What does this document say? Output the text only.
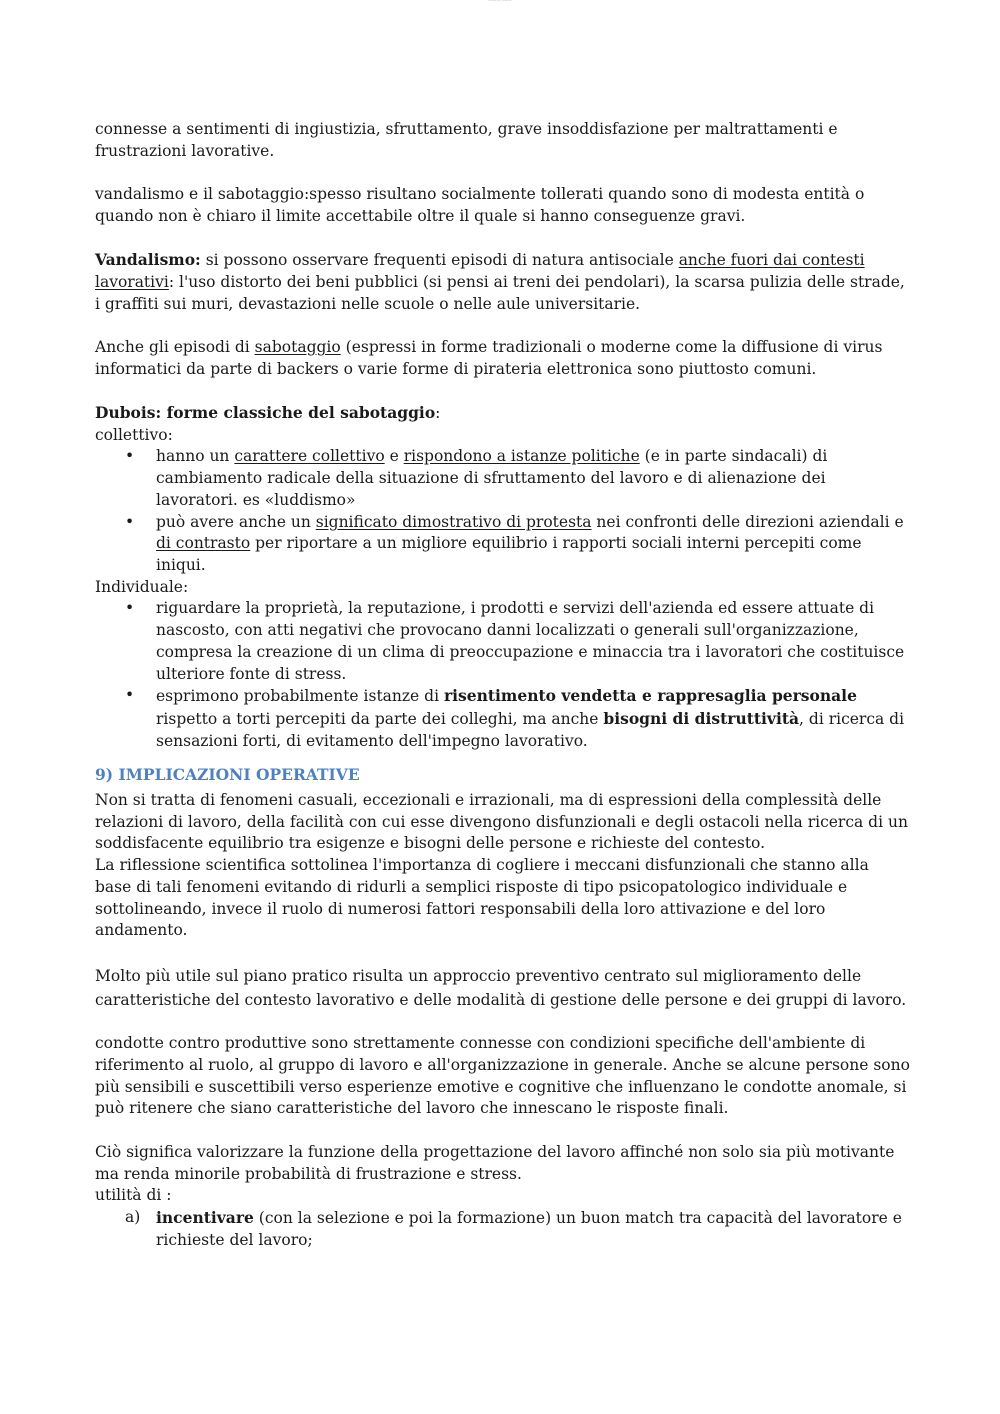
Lavorare per Giudicare

connesse a sentimenti di ingiustizia, sfruttamento, grave insoddisfazione per maltrattamenti e frustrazioni lavorative.

vandalismo e il sabotaggio:spesso risultano socialmente tollerati quando sono di modesta entità o quando non è chiaro il limite accettabile oltre il quale si hanno conseguenze gravi.

Vandalismo: si possono osservare frequenti episodi di natura antisociale anche fuori dai contesti lavorativi: l'uso distorto dei beni pubblici (si pensi ai treni dei pendolari), la scarsa pulizia delle strade, i graffiti sui muri, devastazioni nelle scuole o nelle aule universitarie.

Anche gli episodi di sabotaggio (espressi in forme tradizionali o moderne come la diffusione di virus informatici da parte di backers o varie forme di pirateria elettronica sono piuttosto comuni.

Dubois: forme classiche del sabotaggio:

collettivo:

• hanno un carattere collettivo e rispondono a istanze politiche (e in parte sindacali) di cambiamento radicale della situazione di sfruttamento del lavoro e di alienazione dei lavoratori. es «luddismo»
• può avere anche un significato dimostrativo di protesta nei confronti delle direzioni aziendali e di contrasto per riportare a un migliore equilibrio i rapporti sociali interni percepiti come iniqui.

Individuale:

• riguardare la proprietà, la reputazione, i prodotti e servizi dell'azienda ed essere attuate di nascosto, con atti negativi che provocano danni localizzati o generali sull'organizzazione, compresa la creazione di un clima di preoccupazione e minaccia tra i lavoratori che costituisce ulteriore fonte di stress.
• esprimono probabilmente istanze di risentimento vendetta e rappresaglia personale rispetto a torti percepiti da parte dei colleghi, ma anche bisogni di distruttività, di ricerca di sensazioni forti, di evitamento dell'impegno lavorativo.
9) IMPLICAZIONI OPERATIVE

Non si tratta di fenomeni casuali, eccezionali e irrazionali, ma di espressioni della complessità delle relazioni di lavoro, della facilità con cui esse divengono disfunzionali e degli ostacoli nella ricerca di un soddisfacente equilibrio tra esigenze e bisogni delle persone e richieste del contesto.

La riflessione scientifica sottolinea l'importanza di cogliere i meccani disfunzionali che stanno alla base di tali fenomeni evitando di ridurli a semplici risposte di tipo psicopatologico individuale e sottolineando, invece il ruolo di numerosi fattori responsabili della loro attivazione e del loro andamento.

Molto più utile sul piano pratico risulta un approccio preventivo centrato sul miglioramento delle caratteristiche del contesto lavorativo e delle modalità di gestione delle persone e dei gruppi di lavoro.

condotte contro produttive sono strettamente connesse con condizioni specifiche dell'ambiente di riferimento al ruolo, al gruppo di lavoro e all'organizzazione in generale. Anche se alcune persone sono più sensibili e suscettibili verso esperienze emotive e cognitive che influenzano le condotte anomale, si può ritenere che siano caratteristiche del lavoro che innescano le risposte finali.

Ciò significa valorizzare la funzione della progettazione del lavoro affinché non solo sia più motivante ma renda minorile probabilità di frustrazione e stress.

utilità di :

a) incentivare (con la selezione e poi la formazione) un buon match tra capacità del lavoratore e richieste del lavoro;
